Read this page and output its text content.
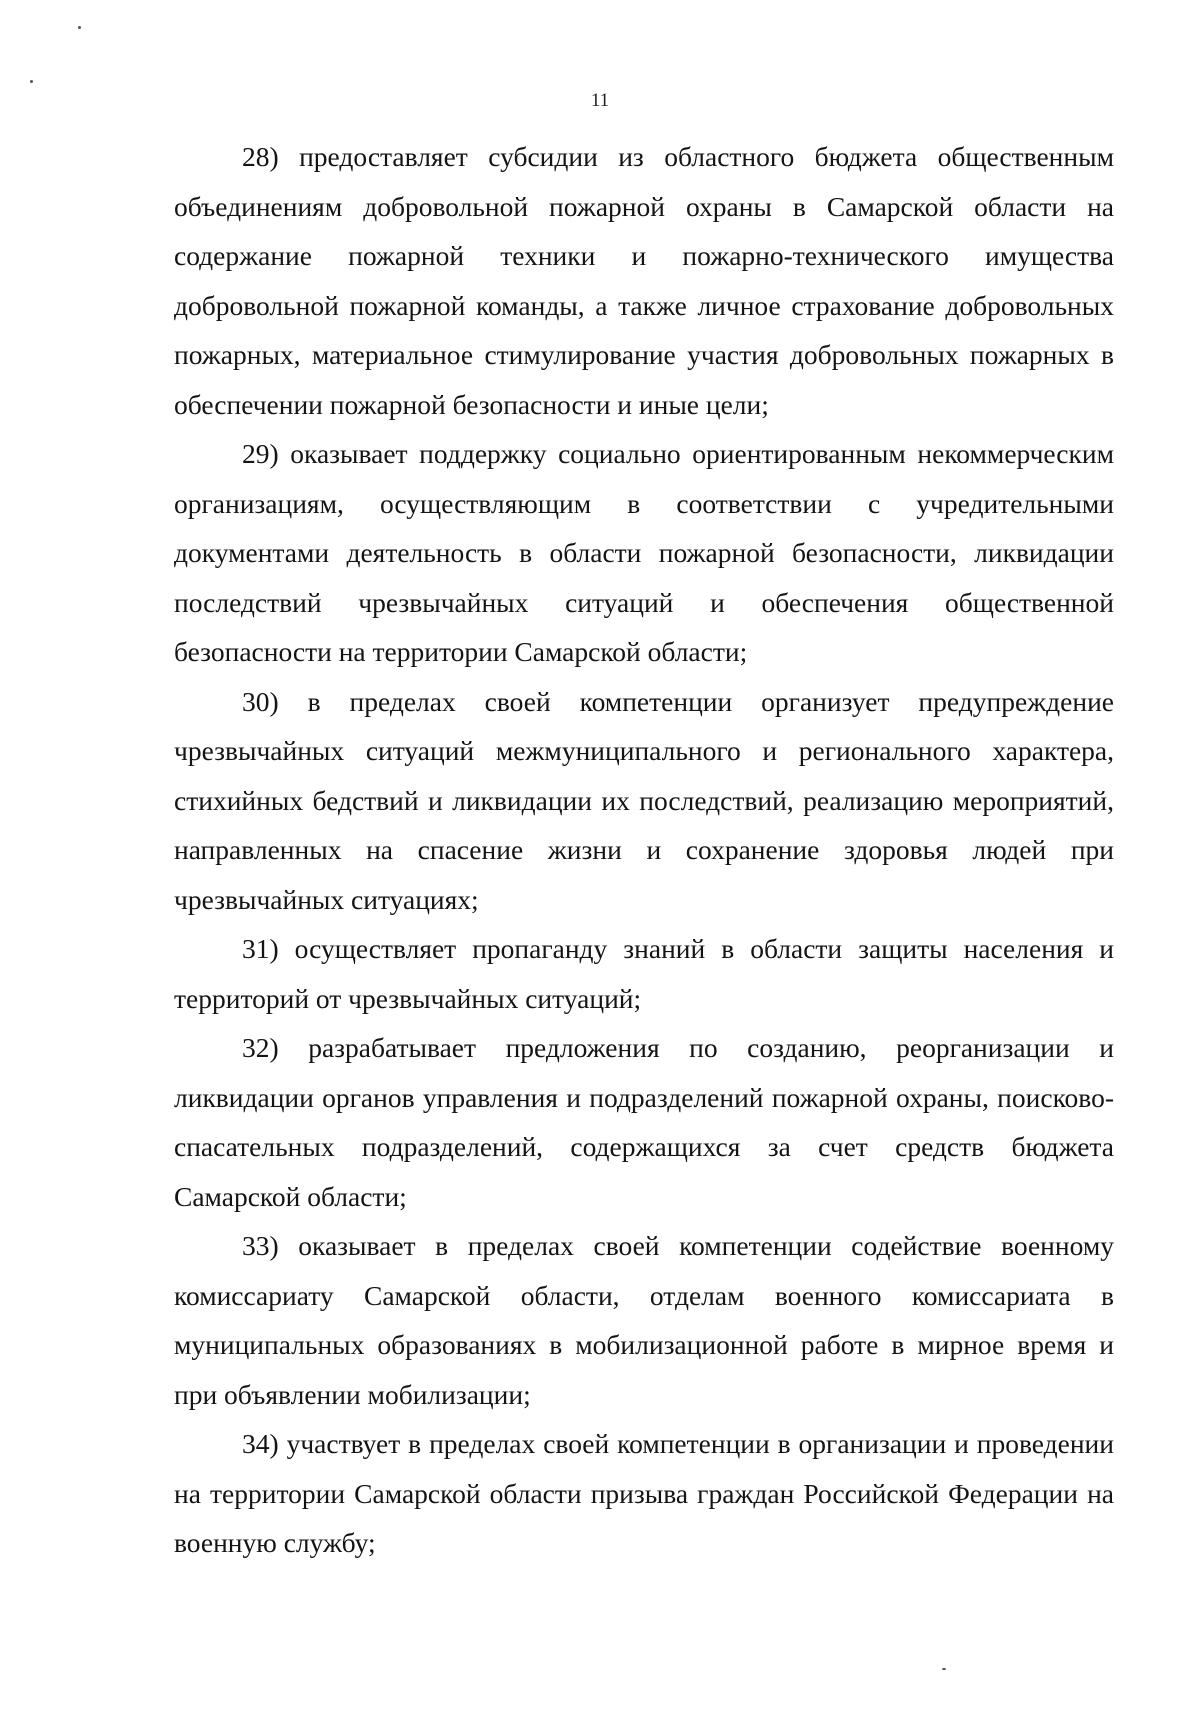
11

28) предоставляет субсидии из областного бюджета общественным объединениям добровольной пожарной охраны в Самарской области на содержание пожарной техники и пожарно-технического имущества добровольной пожарной команды, а также личное страхование добровольных пожарных, материальное стимулирование участия добровольных пожарных в обеспечении пожарной безопасности и иные цели;

29) оказывает поддержку социально ориентированным некоммерческим организациям, осуществляющим в соответствии с учредительными документами деятельность в области пожарной безопасности, ликвидации последствий чрезвычайных ситуаций и обеспечения общественной безопасности на территории Самарской области;

30) в пределах своей компетенции организует предупреждение чрезвычайных ситуаций межмуниципального и регионального характера, стихийных бедствий и ликвидации их последствий, реализацию мероприятий, направленных на спасение жизни и сохранение здоровья людей при чрезвычайных ситуациях;

31) осуществляет пропаганду знаний в области защиты населения и территорий от чрезвычайных ситуаций;

32) разрабатывает предложения по созданию, реорганизации и ликвидации органов управления и подразделений пожарной охраны, поисково-спасательных подразделений, содержащихся за счет средств бюджета Самарской области;

33) оказывает в пределах своей компетенции содействие военному комиссариату Самарской области, отделам военного комиссариата в муниципальных образованиях в мобилизационной работе в мирное время и при объявлении мобилизации;

34) участвует в пределах своей компетенции в организации и проведении на территории Самарской области призыва граждан Российской Федерации на военную службу;
